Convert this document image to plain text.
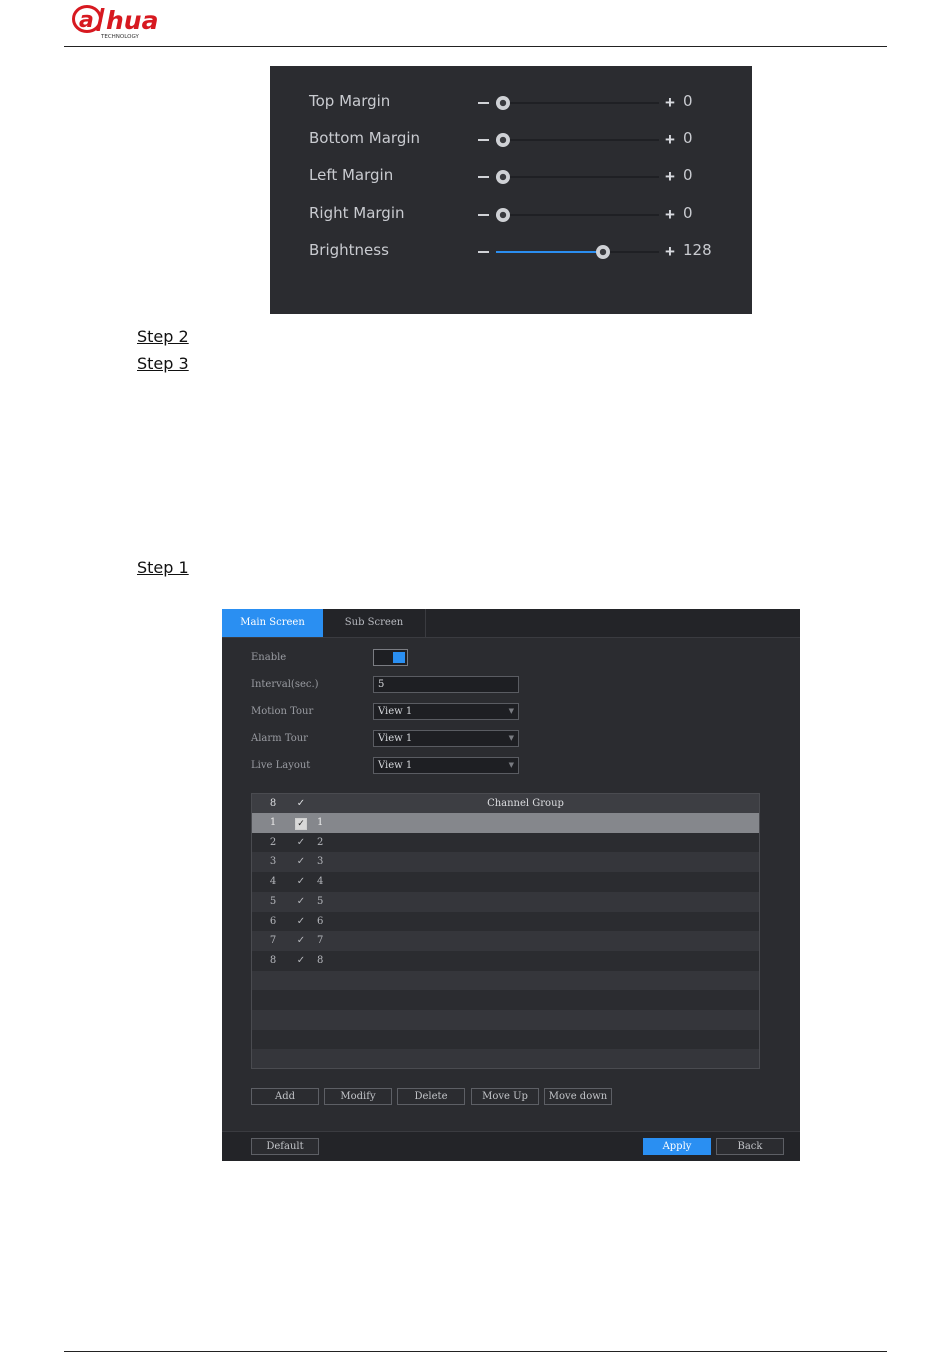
a hua
TECHNOLOGY
Top Margin	+ 0
Bottom Margin	+ 0
Left Margin	+ 0
Right Margin	+ 0
Brightness	+ 128
Step 2
Step 3
Step 1
Main Screen	Sub Screen
Enable
Interval(sec.)	5
Motion Tour	View 1	▼
Alarm Tour	View 1	▼
Live Layout	View 1	▼
8 ✓	Channel Group
1	✓ 1
2 ✓ 2
3 ✓ 3
4 ✓ 4
5 ✓ 5
6 ✓ 6
7 ✓ 7
8 ✓ 8
Add	Modify	Delete	Move Up	Move down
Default	Apply	Back
